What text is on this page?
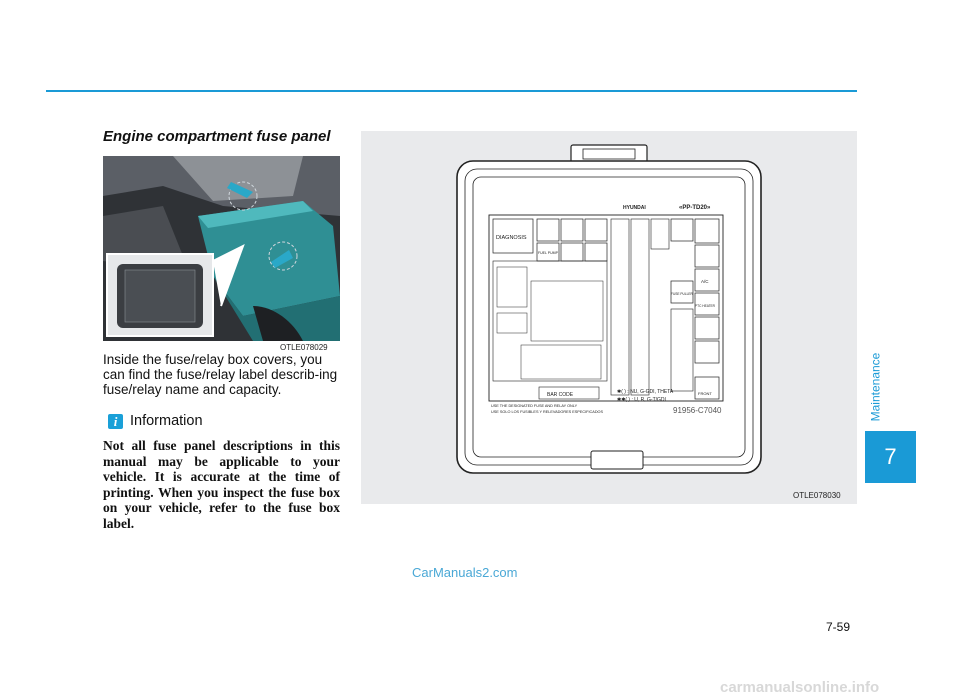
Engine compartment fuse panel
OTLE078029
Inside the fuse/relay box covers, you can find the fuse/relay label describ-ing fuse/relay name and capacity.
i Information
Not all fuse panel descriptions in this manual may be applicable to your vehicle. It is accurate at the time of printing. When you inspect the fuse box on your vehicle, refer to the fuse box label.
HYUNDAI	«PP-TD20»
DIAGNOSIS
FUEL PUMP
A/C
PTC HEATER
FRONT
FUSE PULLER
BAR CODE	✱( ) : NU, G-GDI, THETA
✱✱( ) : U, R, G-T/GDI
USE THE DESIGNATED FUSE AND RELAY ONLY
USE SOLO LOS FUSIBLES Y RELEVADORES ESPECIFICADOS	91956-C7040
OTLE078030
Maintenance
7
CarManuals2.com
7-59
carmanualsonline.info
